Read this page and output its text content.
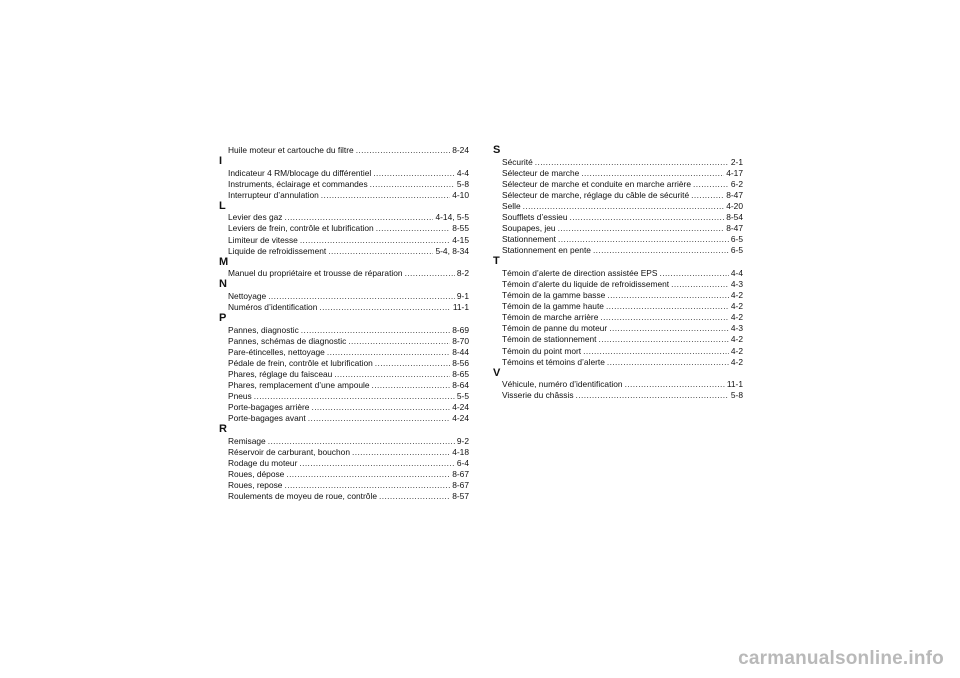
Huile moteur et cartouche du filtre .....	8-24
I
Indicateur 4 RM/blocage du différentiel .....	4-4
Instruments, éclairage et commandes .....	5-8
Interrupteur d’annulation .....	4-10
L
Levier des gaz .....	4-14, 5-5
Leviers de frein, contrôle et lubrification .....	8-55
Limiteur de vitesse .....	4-15
Liquide de refroidissement .....	5-4, 8-34
M
Manuel du propriétaire et trousse de réparation .....	8-2
N
Nettoyage .....	9-1
Numéros d’identification .....	11-1
P
Pannes, diagnostic .....	8-69
Pannes, schémas de diagnostic .....	8-70
Pare-étincelles, nettoyage .....	8-44
Pédale de frein, contrôle et lubrification .....	8-56
Phares, réglage du faisceau .....	8-65
Phares, remplacement d’une ampoule .....	8-64
Pneus .....	5-5
Porte-bagages arrière .....	4-24
Porte-bagages avant .....	4-24
R
Remisage .....	9-2
Réservoir de carburant, bouchon .....	4-18
Rodage du moteur .....	6-4
Roues, dépose .....	8-67
Roues, repose .....	8-67
Roulements de moyeu de roue, contrôle .....	8-57
S
Sécurité .....	2-1
Sélecteur de marche .....	4-17
Sélecteur de marche et conduite en marche arrière .....	6-2
Sélecteur de marche, réglage du câble de sécurité .....	8-47
Selle .....	4-20
Soufflets d’essieu .....	8-54
Soupapes, jeu .....	8-47
Stationnement .....	6-5
Stationnement en pente .....	6-5
T
Témoin d’alerte de direction assistée EPS .....	4-4
Témoin d’alerte du liquide de refroidissement .....	4-3
Témoin de la gamme basse .....	4-2
Témoin de la gamme haute .....	4-2
Témoin de marche arrière .....	4-2
Témoin de panne du moteur .....	4-3
Témoin de stationnement .....	4-2
Témoin du point mort .....	4-2
Témoins et témoins d’alerte .....	4-2
V
Véhicule, numéro d’identification .....	11-1
Visserie du châssis .....	5-8
carmanualsonline.info
